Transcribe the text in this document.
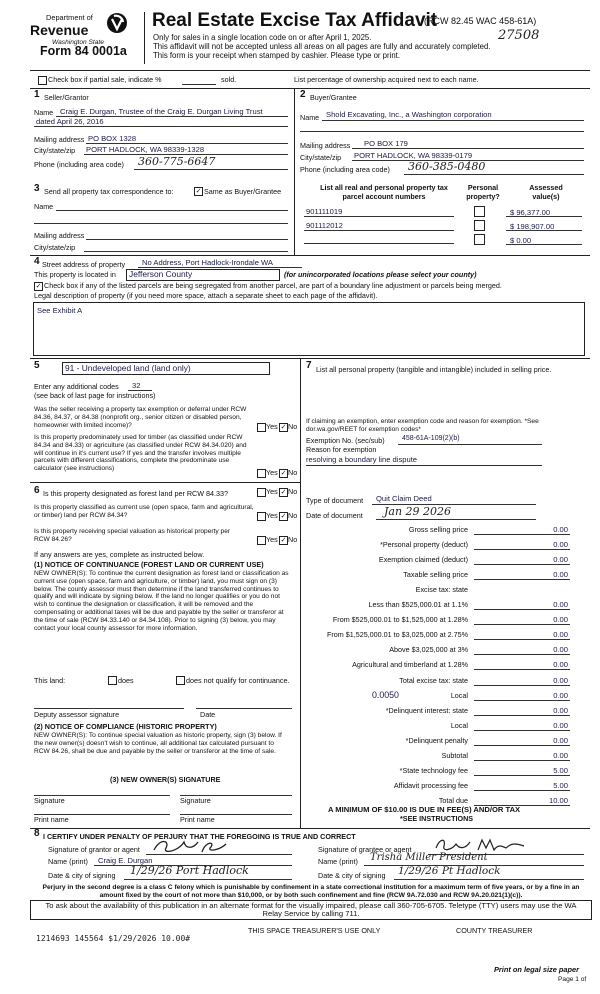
Department of
Revenue
Washington State
Form 84 0001a
Real Estate Excise Tax Affidavit
(RCW 82.45 WAC 458-61A)
27508
Only for sales in a single location code on or after April 1, 2025.
This affidavit will not be accepted unless all areas on all pages are fully and accurately completed.
This form is your receipt when stamped by cashier. Please type or print.
Check box if partial sale, indicate %	sold.	List percentage of ownership acquired next to each name.
1 Seller/Grantor
Name Craig E. Durgan, Trustee of the Craig E. Durgan Living Trust
dated April 26, 2016
Mailing address PO BOX 1328
City/state/zip PORT HADLOCK, WA 98339-1328
Phone (including area code) 360-775-6647
2 Buyer/Grantee
Name Shold Excavating, Inc., a Washington corporation
Mailing address PO BOX 179
City/state/zip PORT HADLOCK, WA 98339-0179
Phone (including area code) 360-385-0480
3 Send all property tax correspondence to:	✓ Same as Buyer/Grantee
Name
Mailing address
City/state/zip
List all real and personal property tax parcel account numbers
Personal property?
Assessed value(s)
901111019	$ 96,377.00
901112012	$ 198,907.00
$ 0.00
4 Street address of property No Address, Port Hadlock-Irondale WA
This property is located in Jefferson County	(for unincorporated locations please select your county)
✓ Check box if any of the listed parcels are being segregated from another parcel, are part of a boundary line adjustment or parcels being merged.
Legal description of property (if you need more space, attach a separate sheet to each page of the affidavit).
See Exhibit A
5	91 - Undeveloped land (land only)
Enter any additional codes 32
(see back of last page for instructions)
Was the seller receiving a property tax exemption or deferral under RCW 84.36, 84.37, or 84.38 (nonprofit org., senior citizen or disabled person, homeowner with limited income)?	Yes ✓ No
Is this property predominately used for timber (as classified under RCW 84.34 and 84.33) or agriculture (as classified under RCW 84.34.020) and will continue in it's current use? If yes and the transfer involves multiple parcels with different classifications, complete the predominate use calculator (see instructions)	Yes ✓ No
6 Is this property designated as forest land per RCW 84.33?	Yes ✓ No
Is this property classified as current use (open space, farm and agricultural, or timber) land per RCW 84.34?	Yes ✓ No
Is this property receiving special valuation as historical property per RCW 84.26?	Yes ✓ No
If any answers are yes, complete as instructed below.
(1) NOTICE OF CONTINUANCE (FOREST LAND OR CURRENT USE)
NEW OWNER(S): To continue the current designation as forest land or classification as current use (open space, farm and agriculture, or timber) land, you must sign on (3) below. The county assessor must then determine if the land transferred continues to qualify and will indicate by signing below. If the land no longer qualifies or you do not wish to continue the designation or classification, it will be removed and the compensating or additional taxes will be due and payable by the seller or transferor at the time of sale (RCW 84.33.140 or 84.34.108). Prior to signing (3) below, you may contact your local county assessor for more information.
This land:	does	does not qualify for continuance.
Deputy assessor signature	Date
(2) NOTICE OF COMPLIANCE (HISTORIC PROPERTY)
NEW OWNER(S): To continue special valuation as historic property, sign (3) below. If the new owner(s) doesn't wish to continue, all additional tax calculated pursuant to RCW 84.26, shall be due and payable by the seller or transferor at the time of sale.
(3) NEW OWNER(S) SIGNATURE
Signature	Signature
Print name	Print name
7 List all personal property (tangible and intangible) included in selling price.
If claiming an exemption, enter exemption code and reason for exemption. *See dor.wa.gov/REET for exemption codes*
Exemption No. (sec/sub) 458-61A-109(2)(b)
Reason for exemption
resolving a boundary line dispute
Type of document Quit Claim Deed
Date of document Jan 29 2026
Gross selling price	0.00
*Personal property (deduct)	0.00
Exemption claimed (deduct)	0.00
Taxable selling price	0.00
Excise tax: state
Less than $525,000.01 at 1.1%	0.00
From $525,000.01 to $1,525,000 at 1.28%	0.00
From $1,525,000.01 to $3,025,000 at 2.75%	0.00
Above $3,025,000 at 3%	0.00
Agricultural and timberland at 1.28%	0.00
Total excise tax: state	0.00
0.0050	Local	0.00
*Delinquent interest: state	0.00
Local	0.00
*Delinquent penalty	0.00
Subtotal	0.00
*State technology fee	5.00
Affidavit processing fee	5.00
Total due	10.00
A MINIMUM OF $10.00 IS DUE IN FEE(S) AND/OR TAX
*SEE INSTRUCTIONS
8 I CERTIFY UNDER PENALTY OF PERJURY THAT THE FOREGOING IS TRUE AND CORRECT
Signature of grantor or agent
Name (print) Craig E. Durgan
Date & city of signing 1/29/26 Port Hadlock
Signature of grantee or agent
Name (print) Trisha Miller President
Date & city of signing 1/29/26 Pt Hadlock
Perjury in the second degree is a class C felony which is punishable by confinement in a state correctional institution for a maximum term of five years, or by a fine in an amount fixed by the court of not more than $10,000, or by both such confinement and fine (RCW 9A.72.030 and RCW 9A.20.021(1)(c)).
To ask about the availability of this publication in an alternate format for the visually impaired, please call 360-705-6705. Teletype (TTY) users may use the WA Relay Service by calling 711.
1214693 145564 $1/29/2026 10.00#
THIS SPACE TREASURER'S USE ONLY	COUNTY TREASURER
Print on legal size paper
Page 1 of
